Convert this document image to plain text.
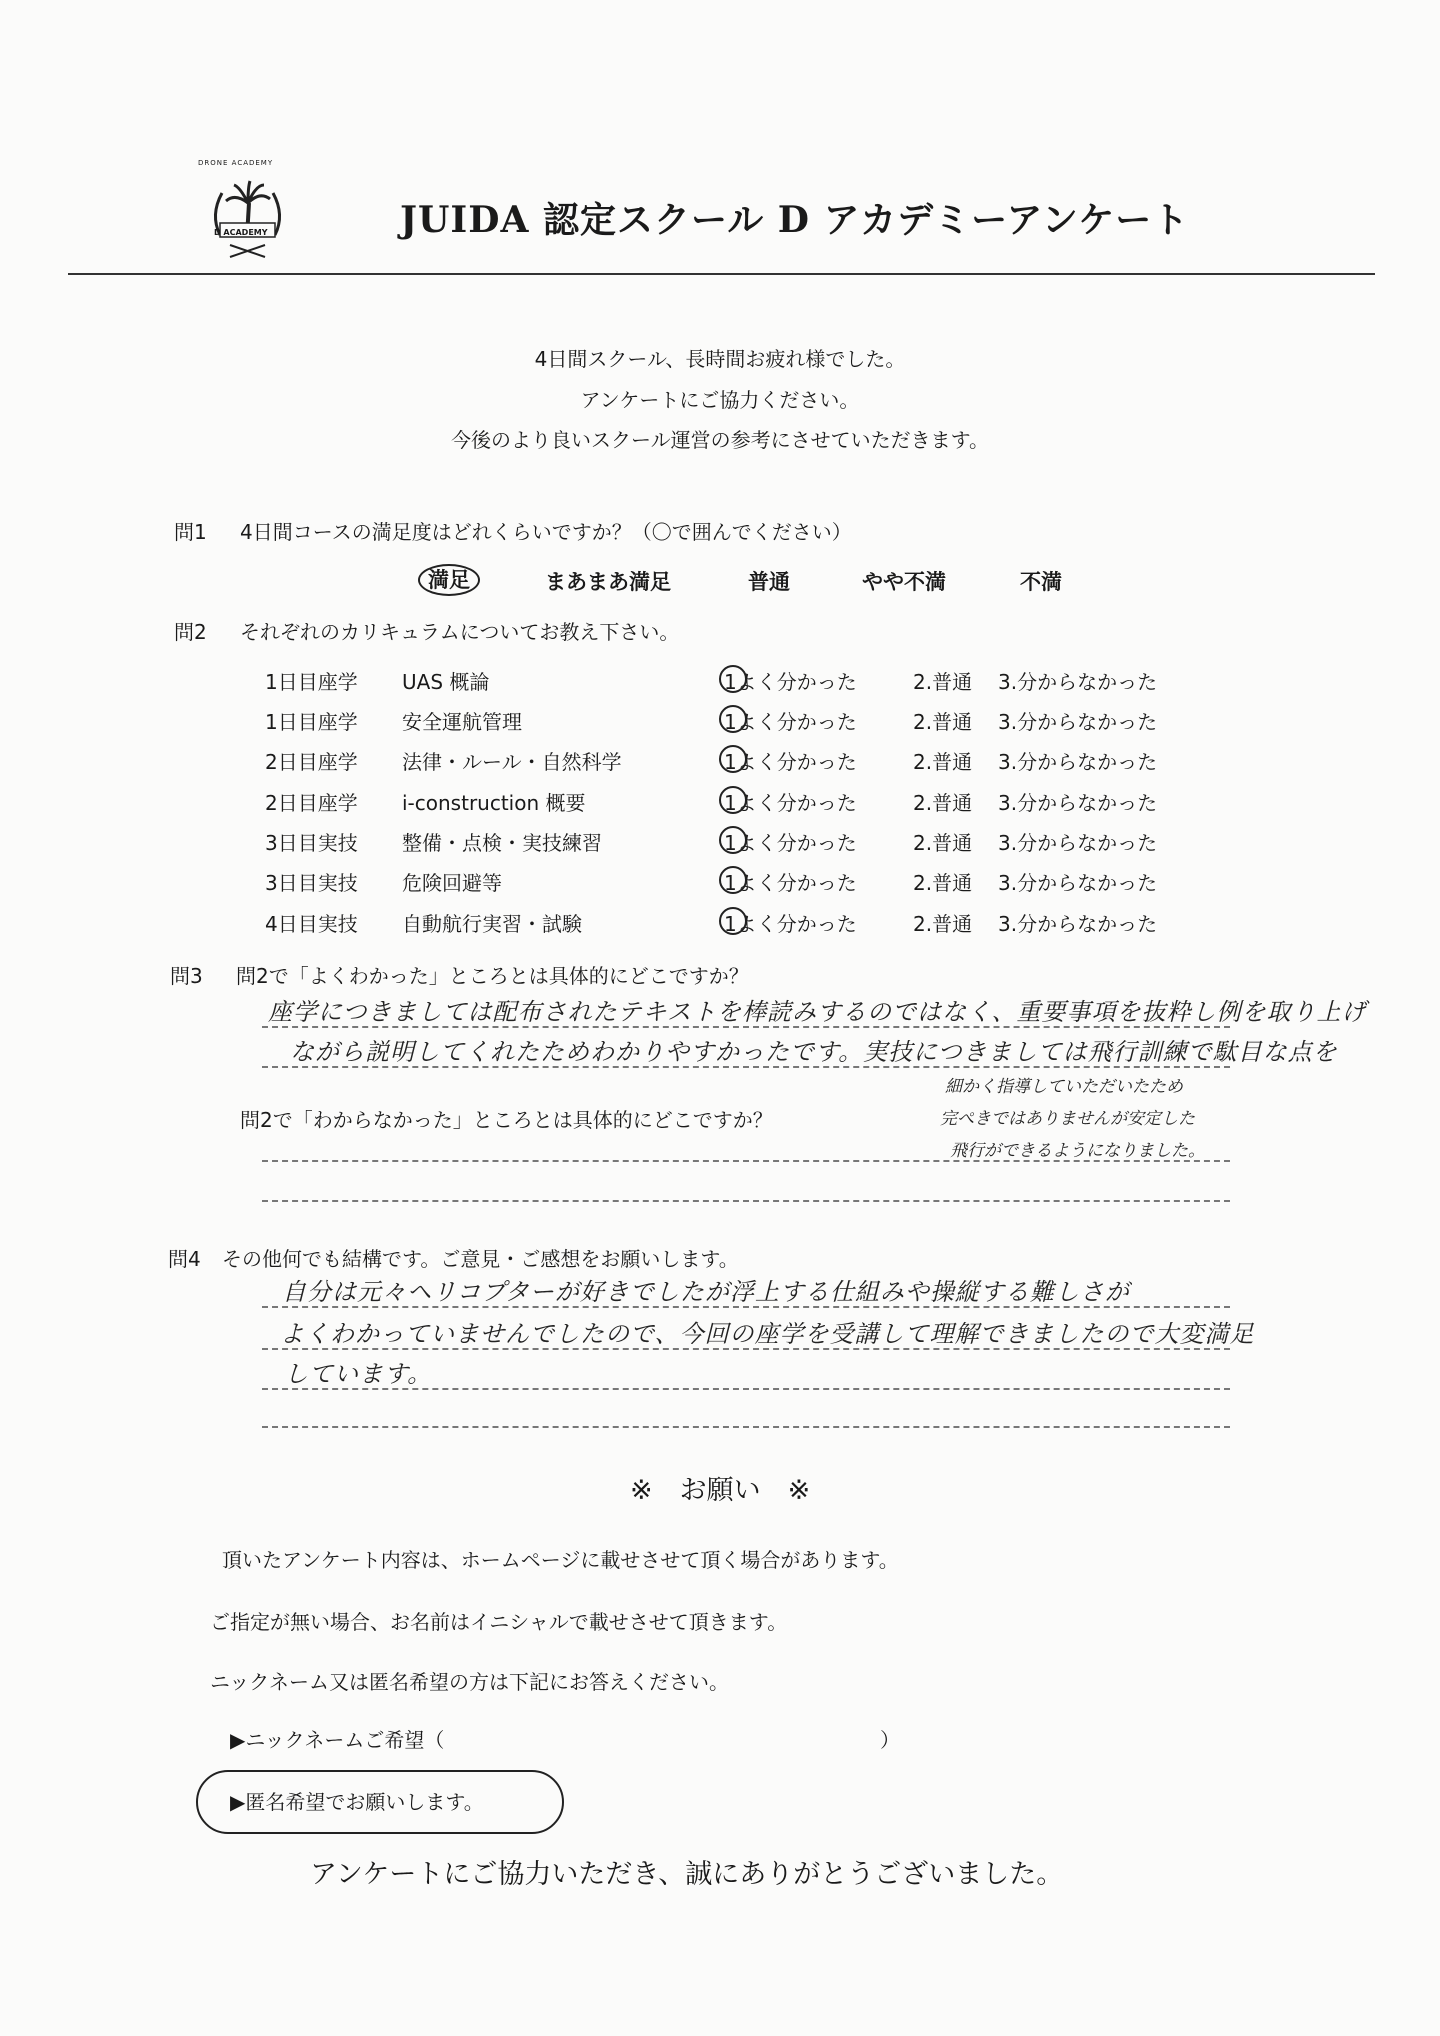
DRONE ACADEMY
D ACADEMY	JUIDA 認定スクール D アカデミーアンケート
4日間スクール、長時間お疲れ様でした。
アンケートにご協力ください。
今後のより良いスクール運営の参考にさせていただきます。
問1 4日間コースの満足度はどれくらいですか？（〇で囲んでください）
満足	まあまあ満足	普通	やや不満	不満
問2 それぞれのカリキュラムについてお教え下さい。
1日目座学 UAS 概論	1よく分かった	2.普通 3.分からなかった
1日目座学 安全運航管理	1よく分かった	2.普通 3.分からなかった
2日目座学 法律・ルール・自然科学	1よく分かった	2.普通 3.分からなかった
2日目座学 i-construction 概要	1よく分かった	2.普通 3.分からなかった
3日目実技 整備・点検・実技練習	1よく分かった	2.普通 3.分からなかった
3日目実技 危険回避等	1よく分かった	2.普通 3.分からなかった
4日目実技 自動航行実習・試験	1よく分かった	2.普通 3.分からなかった
問3 問2で「よくわかった」ところとは具体的にどこですか？
座学につきましては配布されたテキストを棒読みするのではなく、重要事項を抜粋し例を取り上げ
ながら説明してくれたためわかりやすかったです。実技につきましては飛行訓練で駄目な点を
細かく指導していただいたため
完ぺきではありませんが安定した
飛行ができるようになりました。
問2で「わからなかった」ところとは具体的にどこですか？
問4 その他何でも結構です。ご意見・ご感想をお願いします。
自分は元々ヘリコプターが好きでしたが浮上する仕組みや操縦する難しさが
よくわかっていませんでしたので、今回の座学を受講して理解できましたので大変満足
しています。
※　お願い　※
頂いたアンケート内容は、ホームページに載せさせて頂く場合があります。
ご指定が無い場合、お名前はイニシャルで載せさせて頂きます。
ニックネーム又は匿名希望の方は下記にお答えください。
▶ニックネームご希望（	）
▶匿名希望でお願いします。
アンケートにご協力いただき、誠にありがとうございました。
